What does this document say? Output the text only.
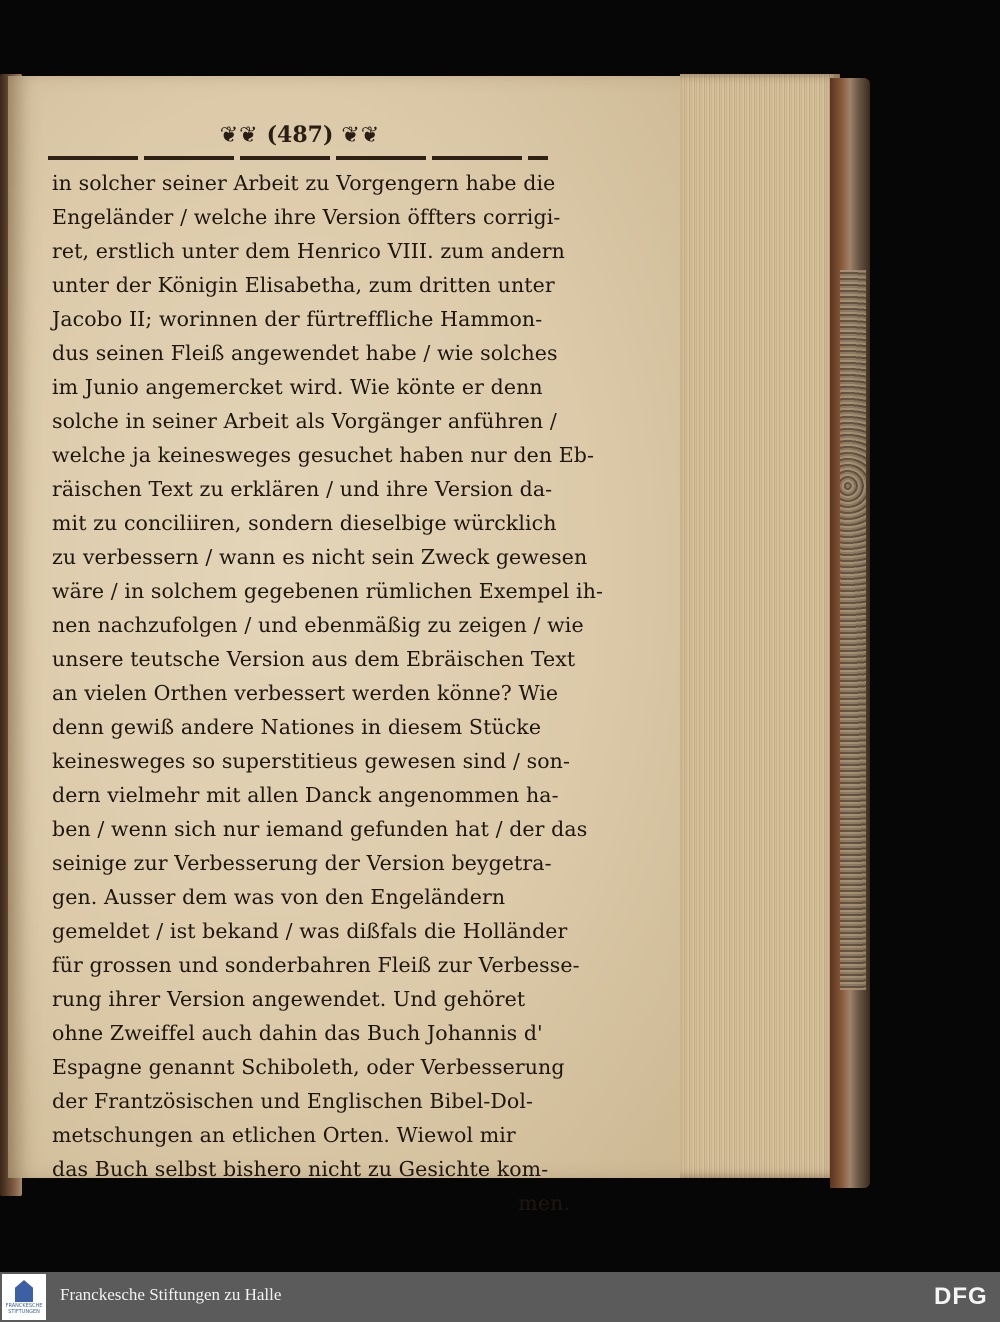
❦❦ (487) ❦❦
in solcher seiner Arbeit zu Vorgengern habe die
Engeländer / welche ihre Version öffters corrigi-
ret, erstlich unter dem Henrico VIII. zum andern
unter der Königin Elisabetha, zum dritten unter
Jacobo II; worinnen der fürtreffliche Hammon-
dus seinen Fleiß angewendet habe / wie solches
im Junio angemercket wird. Wie könte er denn
solche in seiner Arbeit als Vorgänger anführen /
welche ja keinesweges gesuchet haben nur den Eb-
räischen Text zu erklären / und ihre Version da-
mit zu conciliiren, sondern dieselbige würcklich
zu verbessern / wann es nicht sein Zweck gewesen
wäre / in solchem gegebenen rümlichen Exempel ih-
nen nachzufolgen / und ebenmäßig zu zeigen / wie
unsere teutsche Version aus dem Ebräischen Text
an vielen Orthen verbessert werden könne? Wie
denn gewiß andere Nationes in diesem Stücke
keinesweges so superstitieus gewesen sind / son-
dern vielmehr mit allen Danck angenommen ha-
ben / wenn sich nur iemand gefunden hat / der das
seinige zur Verbesserung der Version beygetra-
gen. Ausser dem was von den Engeländern
gemeldet / ist bekand / was dißfals die Holländer
für grossen und sonderbahren Fleiß zur Verbesse-
rung ihrer Version angewendet. Und gehöret
ohne Zweiffel auch dahin das Buch Johannis d'
Espagne genannt Schiboleth, oder Verbesserung
der Frantzösischen und Englischen Bibel-Dol-
metschungen an etlichen Orten. Wiewol mir
das Buch selbst bishero nicht zu Gesichte kom-
men.
FRANCKESCHE STIFTUNGEN
Franckesche Stiftungen zu Halle	DFG
